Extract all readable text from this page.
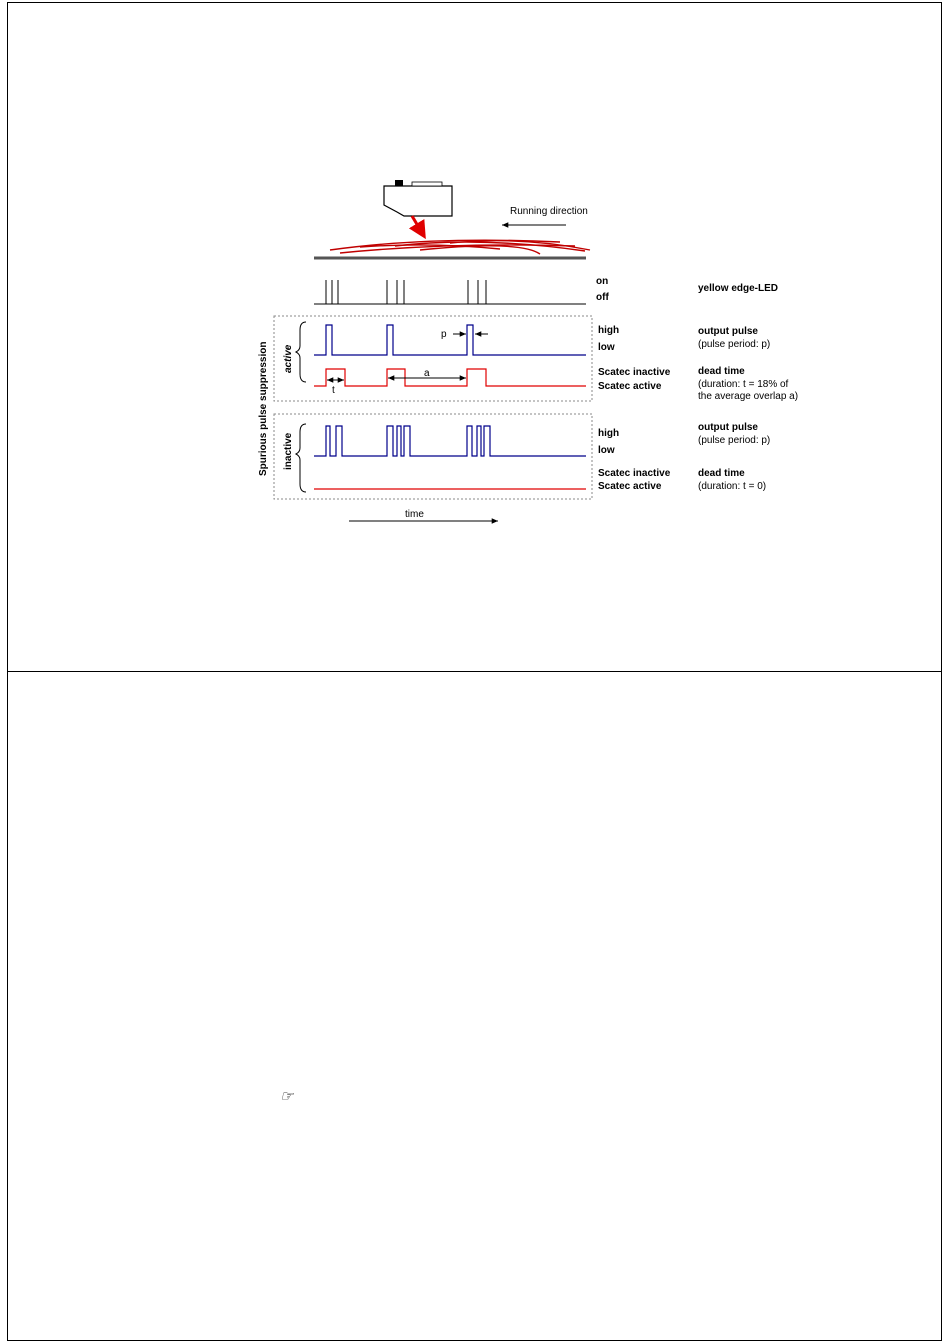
Running direction
on
off
yellow edge-LED
Spurious pulse suppression active
inactive
p
a
t
high
low
Scatec inactive
Scatec active
high
low
Scatec inactive
Scatec active
output pulse
(pulse period: p)
dead time
(duration: t = 18% of
the average overlap a)
output pulse
(pulse period: p)
dead time
(duration: t = 0)
time
☞
